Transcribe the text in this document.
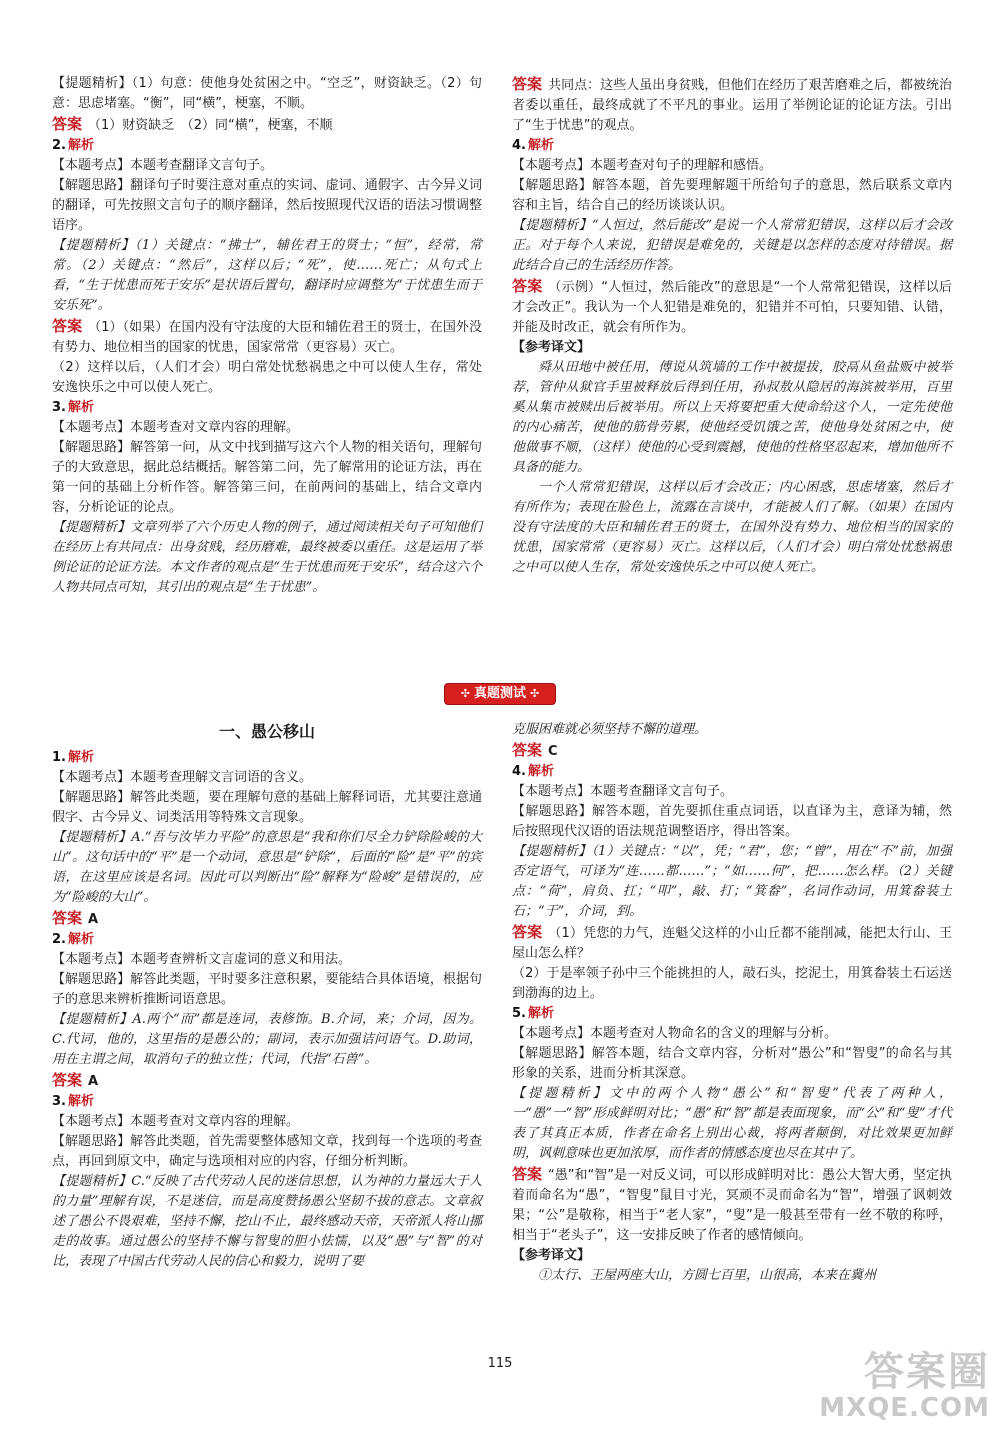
【提题精析】（1）句意：使他身处贫困之中。“空乏”，财资缺乏。（2）句意：思虑堵塞。“衡”，同“横”，梗塞，不顺。

答案 （1）财资缺乏　（2）同“横”，梗塞，不顺

2. 解析

【本题考点】本题考查翻译文言句子。

【解题思路】翻译句子时要注意对重点的实词、虚词、通假字、古今异义词的翻译，可先按照文言句子的顺序翻译，然后按照现代汉语的语法习惯调整语序。

【提题精析】（1）关键点：“拂士”，辅佐君王的贤士；“恒”，经常，常常。（2）关键点：“然后”，这样以后；“死”，使……死亡；从句式上看，“生于忧患而死于安乐”是状语后置句，翻译时应调整为“于忧患生而于安乐死”。

答案 （1）（如果）在国内没有守法度的大臣和辅佐君王的贤士，在国外没有势力、地位相当的国家的忧患，国家常常（更容易）灭亡。

（2）这样以后，（人们才会）明白常处忧愁祸患之中可以使人生存，常处安逸快乐之中可以使人死亡。

3. 解析

【本题考点】本题考查对文章内容的理解。

【解题思路】解答第一问，从文中找到描写这六个人物的相关语句，理解句子的大致意思，据此总结概括。解答第二问，先了解常用的论证方法，再在第一问的基础上分析作答。解答第三问，在前两问的基础上，结合文章内容，分析论证的论点。

【提题精析】文章列举了六个历史人物的例子，通过阅读相关句子可知他们在经历上有共同点：出身贫贱，经历磨难，最终被委以重任。这是运用了举例论证的论证方法。本文作者的观点是“生于忧患而死于安乐”，结合这六个人物共同点可知，其引出的观点是“生于忧患”。

答案 共同点：这些人虽出身贫贱，但他们在经历了艰苦磨难之后，都被统治者委以重任，最终成就了不平凡的事业。运用了举例论证的论证方法。引出了“生于忧患”的观点。

4. 解析

【本题考点】本题考查对句子的理解和感悟。

【解题思路】解答本题，首先要理解题干所给句子的意思，然后联系文章内容和主旨，结合自己的经历谈谈认识。

【提题精析】“人恒过，然后能改”是说一个人常常犯错误，这样以后才会改正。对于每个人来说，犯错误是难免的，关键是以怎样的态度对待错误。据此结合自己的生活经历作答。

答案 （示例）“人恒过，然后能改”的意思是“一个人常常犯错误，这样以后才会改正”。我认为一个人犯错是难免的，犯错并不可怕，只要知错、认错，并能及时改正，就会有所作为。

【参考译文】

舜从田地中被任用，傅说从筑墙的工作中被提拔，胶鬲从鱼盐贩中被举荐，管仲从狱官手里被释放后得到任用，孙叔敖从隐居的海滨被举用，百里奚从集市被赎出后被举用。所以上天将要把重大使命给这个人，一定先使他的内心痛苦，使他的筋骨劳累，使他经受饥饿之苦，使他身处贫困之中，使他做事不顺，（这样）使他的心受到震撼，使他的性格坚忍起来，增加他所不具备的能力。

一个人常常犯错误，这样以后才会改正；内心困惑，思虑堵塞，然后才有所作为；表现在脸色上，流露在言谈中，才能被人们了解。（如果）在国内没有守法度的大臣和辅佐君王的贤士，在国外没有势力、地位相当的国家的忧患，国家常常（更容易）灭亡。这样以后，（人们才会）明白常处忧愁祸患之中可以使人生存，常处安逸快乐之中可以使人死亡。

✣ 真题测试 ✣
一、愚公移山

1. 解析

【本题考点】本题考查理解文言词语的含义。

【解题思路】解答此类题，要在理解句意的基础上解释词语，尤其要注意通假字、古今异义、词类活用等特殊文言现象。

【提题精析】A.“吾与汝毕力平险”的意思是“我和你们尽全力铲除险峻的大山”。这句话中的“平”是一个动词，意思是“铲除”，后面的“险”是“平”的宾语，在这里应该是名词。因此可以判断出“险”解释为“险峻”是错误的，应为“险峻的大山”。

答案 A

2. 解析

【本题考点】本题考查辨析文言虚词的意义和用法。

【解题思路】解答此类题，平时要多注意积累，要能结合具体语境，根据句子的意思来辨析推断词语意思。

【提题精析】A.两个“而”都是连词，表修饰。B.介词，来；介词，因为。C.代词，他的，这里指的是愚公的；副词，表示加强诘问语气。D.助词，用在主谓之间，取消句子的独立性；代词，代指“石兽”。

答案 A

3. 解析

【本题考点】本题考查对文章内容的理解。

【解题思路】解答此类题，首先需要整体感知文章，找到每一个选项的考查点，再回到原文中，确定与选项相对应的内容，仔细分析判断。

【提题精析】C.“反映了古代劳动人民的迷信思想，认为神的力量远大于人的力量”理解有误，不是迷信，而是高度赞扬愚公坚韧不拔的意志。文章叙述了愚公不畏艰难，坚持不懈，挖山不止，最终感动天帝，天帝派人将山挪走的故事。通过愚公的坚持不懈与智叟的胆小怯懦，以及“愚”与“智”的对比，表现了中国古代劳动人民的信心和毅力，说明了要

克服困难就必须坚持不懈的道理。

答案 C

4. 解析

【本题考点】本题考查翻译文言句子。

【解题思路】解答本题，首先要抓住重点词语，以直译为主，意译为辅，然后按照现代汉语的语法规范调整语序，得出答案。

【提题精析】（1）关键点：“以”，凭；“君”，您；“曾”，用在“不”前，加强否定语气，可译为“连……都……”；“如……何”，把……怎么样。（2）关键点：“荷”，肩负、扛；“叩”，敲、打；“箕畚”，名词作动词，用箕畚装土石；“于”，介词，到。

答案 （1）凭您的力气，连魁父这样的小山丘都不能削减，能把太行山、王屋山怎么样？

（2）于是率领子孙中三个能挑担的人，敲石头，挖泥土，用箕畚装土石运送到渤海的边上。

5. 解析

【本题考点】本题考查对人物命名的含义的理解与分析。

【解题思路】解答本题，结合文章内容，分析对“愚公”和“智叟”的命名与其形象的关系，进而分析其深意。

【提题精析】文中的两个人物“愚公”和“智叟”代表了两种人，一“愚”一“智”形成鲜明对比；“愚”和“智”都是表面现象，而“公”和“叟”才代表了其真正本质，作者在命名上别出心裁，将两者颠倒，对比效果更加鲜明，讽刺意味也更加浓厚，而作者的情感态度也尽在其中了。

答案 “愚”和“智”是一对反义词，可以形成鲜明对比：愚公大智大勇，坚定执着而命名为“愚”，“智叟”鼠目寸光，冥顽不灵而命名为“智”，增强了讽刺效果；“公”是敬称，相当于“老人家”，“叟”是一般甚至带有一丝不敬的称呼，相当于“老头子”，这一安排反映了作者的感情倾向。

【参考译文】

①太行、王屋两座大山，方圆七百里，山很高，本来在冀州

115	答案圈
MXQE.COM
